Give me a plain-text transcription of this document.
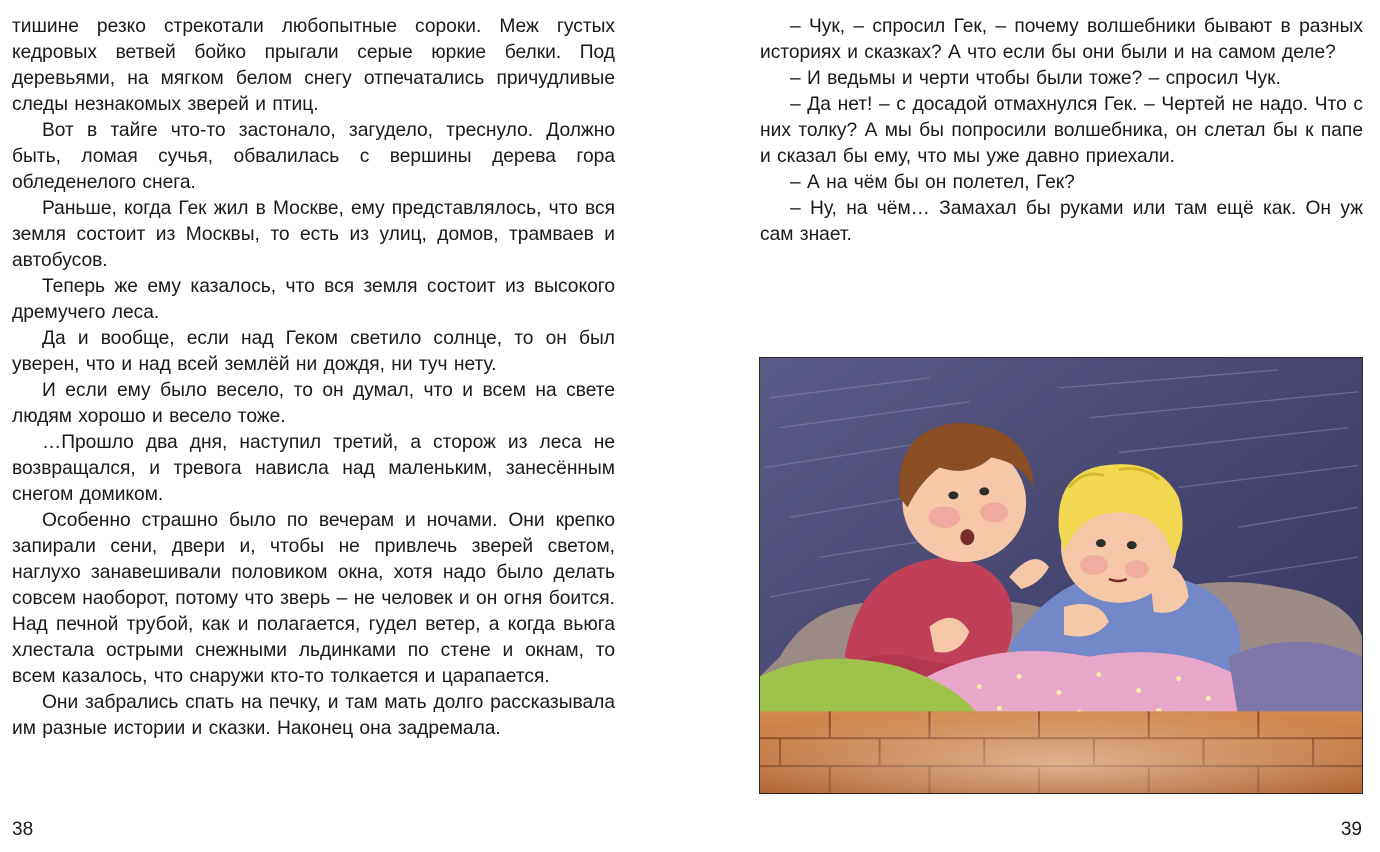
тишине резко стрекотали любопытные сороки. Меж густых кедровых ветвей бойко прыгали серые юркие белки. Под деревьями, на мягком белом снегу отпечатались причудливые следы незнакомых зверей и птиц.

Вот в тайге что-то застонало, загудело, треснуло. Должно быть, ломая сучья, обвалилась с вершины дерева гора обледенелого снега.

Раньше, когда Гек жил в Москве, ему представлялось, что вся земля состоит из Москвы, то есть из улиц, домов, трамваев и автобусов.

Теперь же ему казалось, что вся земля состоит из высокого дремучего леса.

Да и вообще, если над Геком светило солнце, то он был уверен, что и над всей землёй ни дождя, ни туч нету.

И если ему было весело, то он думал, что и всем на свете людям хорошо и весело тоже.

…Прошло два дня, наступил третий, а сторож из леса не возвращался, и тревога нависла над маленьким, занесённым снегом домиком.

Особенно страшно было по вечерам и ночами. Они крепко запирали сени, двери и, чтобы не привлечь зверей светом, наглухо занавешивали половиком окна, хотя надо было делать совсем наоборот, потому что зверь – не человек и он огня боится. Над печной трубой, как и полагается, гудел ветер, а когда вьюга хлестала острыми снежными льдинками по стене и окнам, то всем казалось, что снаружи кто-то толкается и царапается.

Они забрались спать на печку, и там мать долго рассказывала им разные истории и сказки. Наконец она задремала.

38

– Чук, – спросил Гек, – почему волшебники бывают в разных историях и сказках? А что если бы они были и на самом деле?

– И ведьмы и черти чтобы были тоже? – спросил Чук.

– Да нет! – с досадой отмахнулся Гек. – Чертей не надо. Что с них толку? А мы бы попросили волшебника, он слетал бы к папе и сказал бы ему, что мы уже давно приехали.

– А на чём бы он полетел, Гек?

– Ну, на чём… Замахал бы руками или там ещё как. Он уж сам знает.

39
